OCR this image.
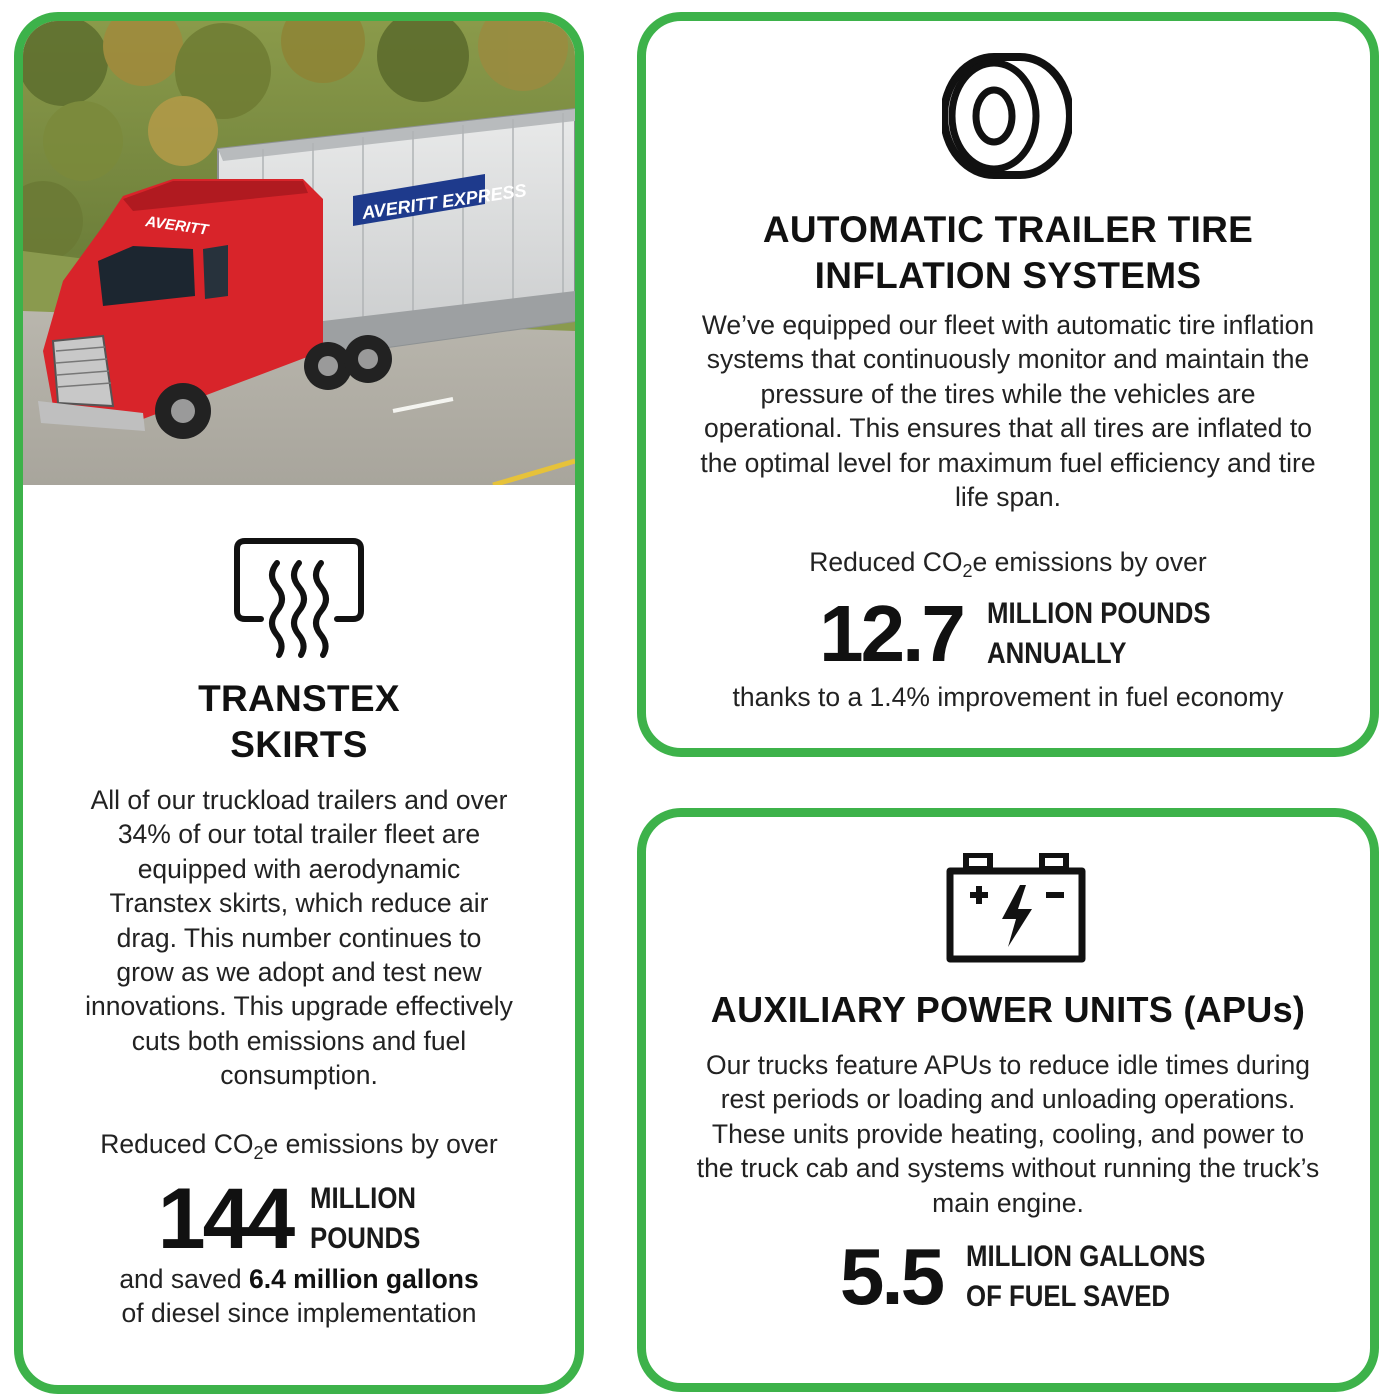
AVERITT EXPRESS
AVERITT
TRANSTEX
SKIRTS
All of our truckload trailers and over 34% of our total trailer fleet are equipped with aerodynamic Transtex skirts, which reduce air drag. This number continues to grow as we adopt and test new innovations. This upgrade effectively cuts both emissions and fuel consumption.
Reduced $CO_2e$ emissions by over
144 MILLION
POUNDS
and saved 6.4 million gallons
of diesel since implementation
AUTOMATIC TRAILER TIRE
INFLATION SYSTEMS
We’ve equipped our fleet with automatic tire inflation systems that continuously monitor and maintain the pressure of the tires while the vehicles are operational. This ensures that all tires are inflated to the optimal level for maximum fuel efficiency and tire life span.
Reduced $CO_2e$ emissions by over
12.7 MILLION POUNDS
ANNUALLY
thanks to a 1.4% improvement in fuel economy
AUXILIARY POWER UNITS (APUs)
Our trucks feature APUs to reduce idle times during rest periods or loading and unloading operations. These units provide heating, cooling, and power to the truck cab and systems without running the truck’s main engine.
5.5 MILLION GALLONS
OF FUEL SAVED
